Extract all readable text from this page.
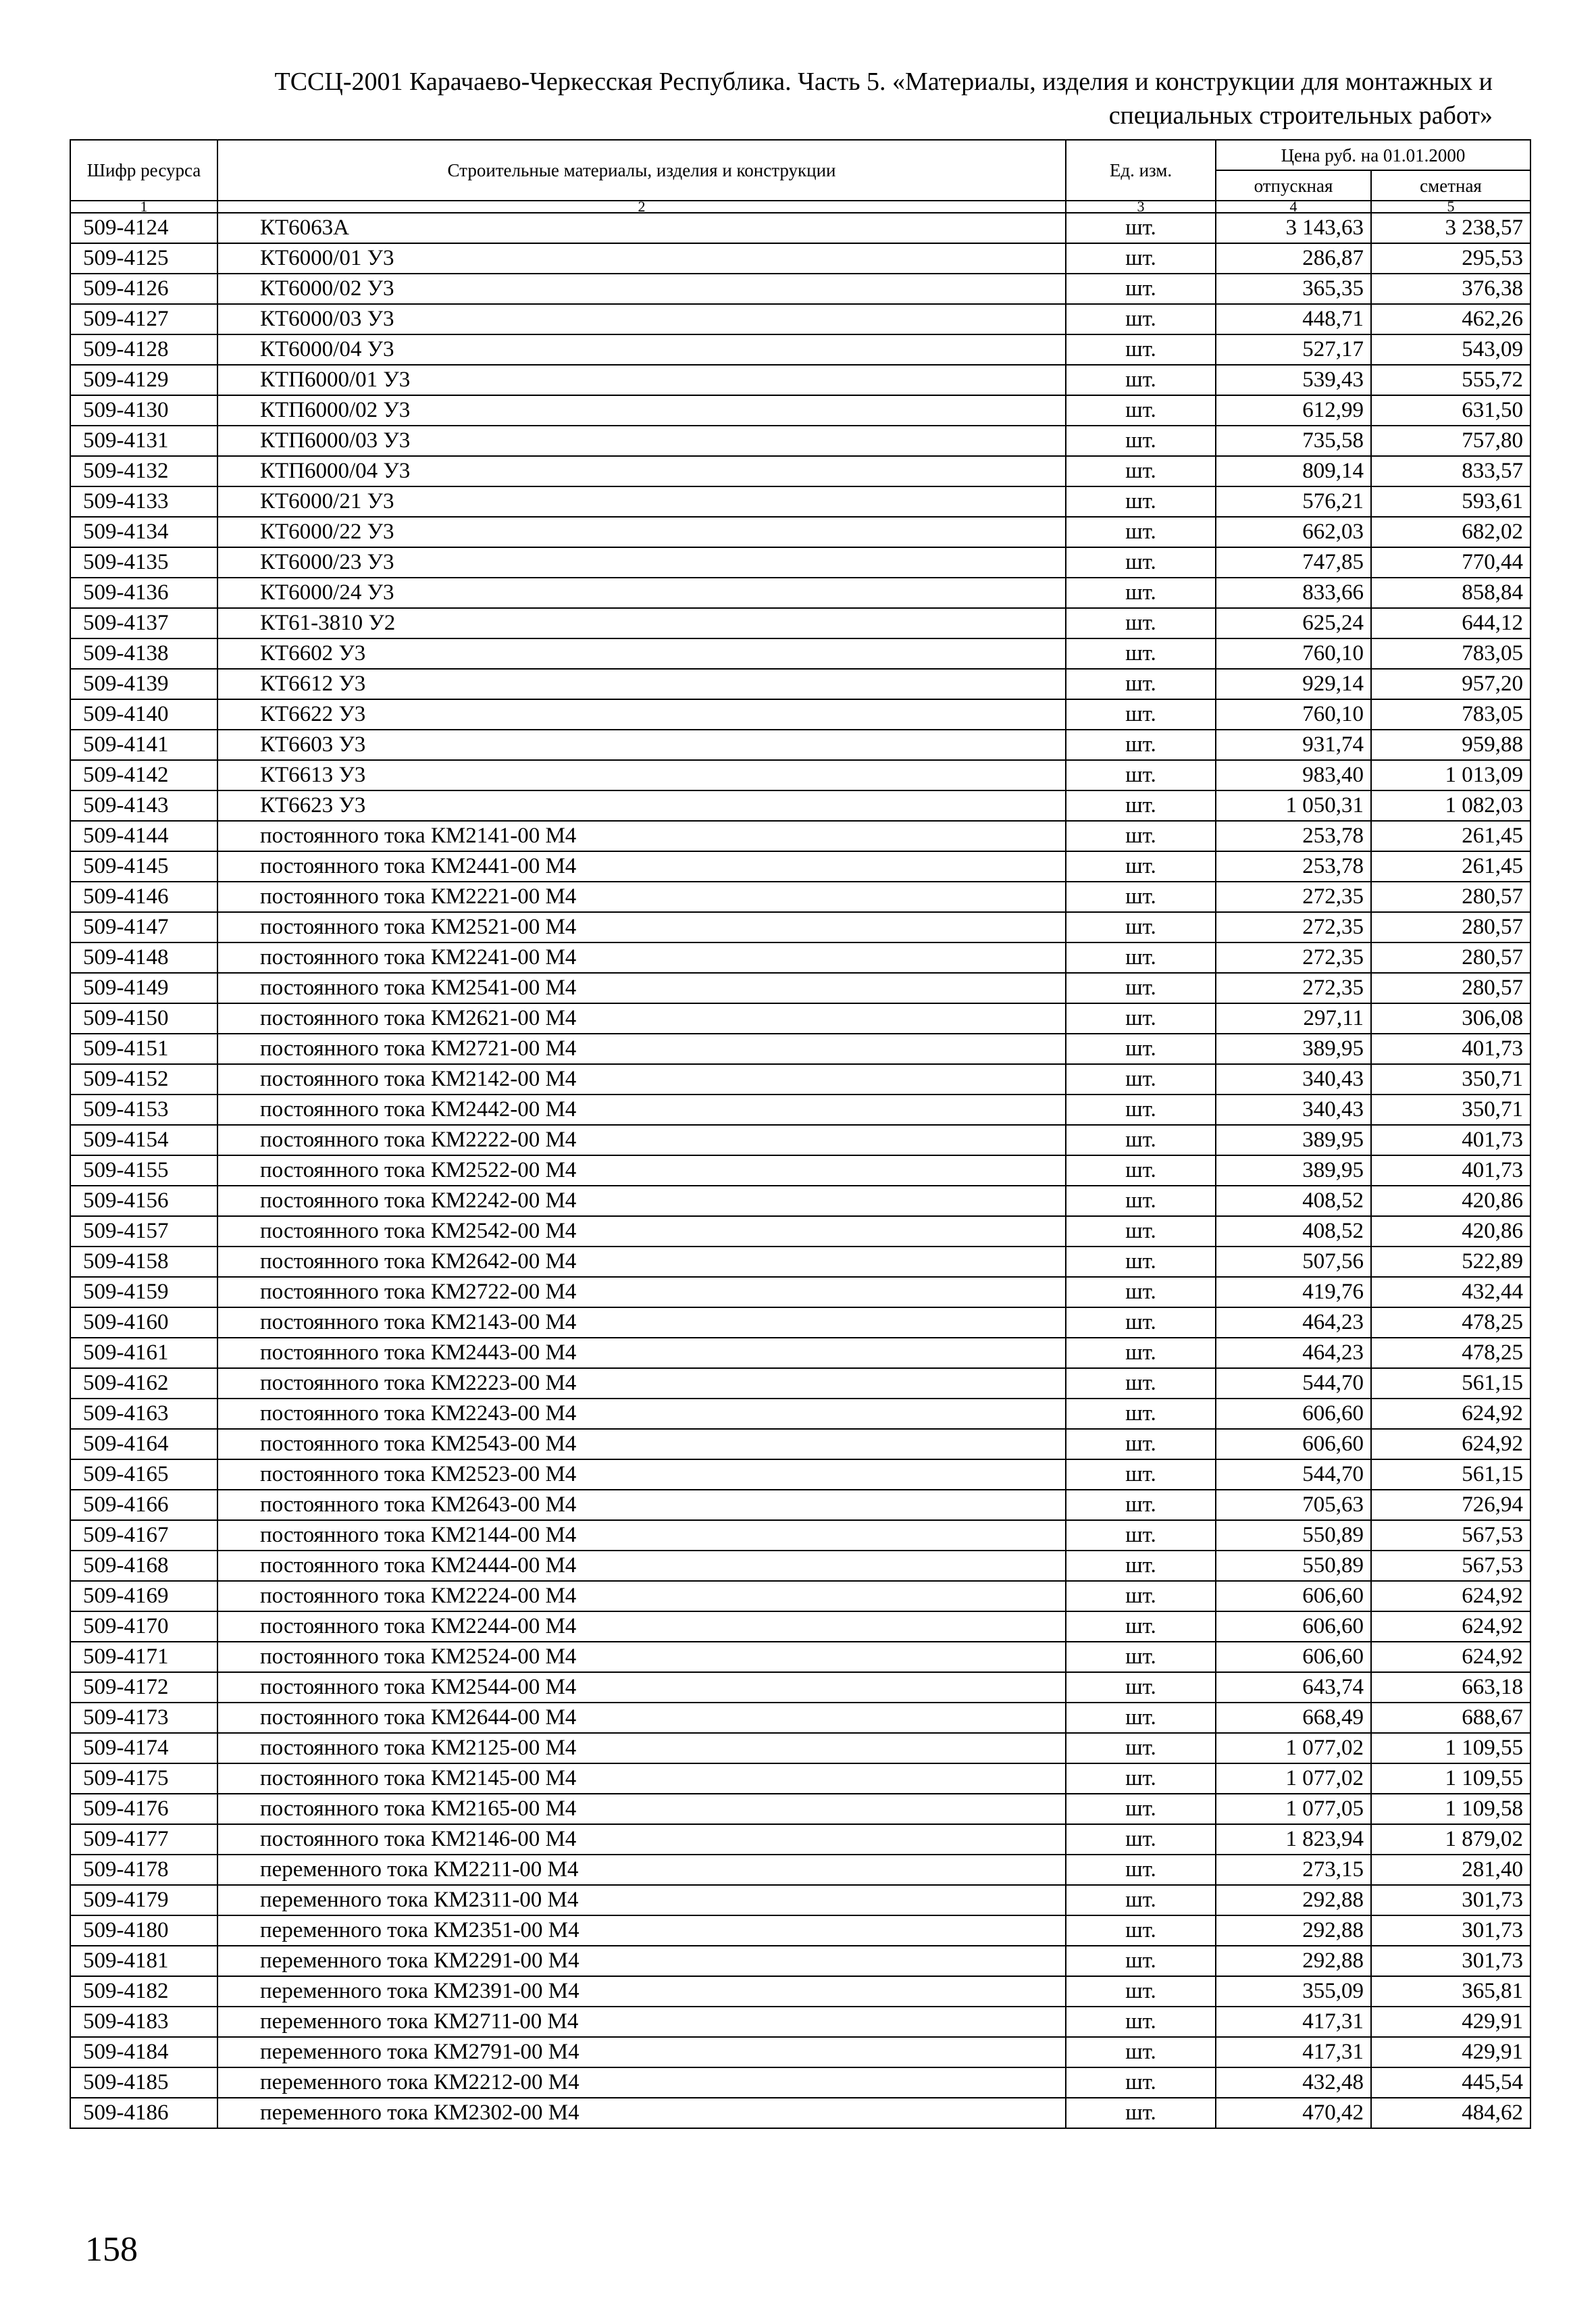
ТССЦ-2001 Карачаево-Черкесская Республика. Часть 5. «Материалы, изделия и конструкции для монтажных и
специальных строительных работ»
Шифр ресурса	Строительные материалы, изделия и конструкции	Ед. изм.	Цена руб. на 01.01.2000	
			отпускная	сметная
1	2	3	4	5
509-4124	КТ6063А	шт.	3 143,63	3 238,57
509-4125	КТ6000/01 У3	шт.	286,87	295,53
509-4126	КТ6000/02 У3	шт.	365,35	376,38
509-4127	КТ6000/03 У3	шт.	448,71	462,26
509-4128	КТ6000/04 У3	шт.	527,17	543,09
509-4129	КТП6000/01 У3	шт.	539,43	555,72
509-4130	КТП6000/02 У3	шт.	612,99	631,50
509-4131	КТП6000/03 У3	шт.	735,58	757,80
509-4132	КТП6000/04 У3	шт.	809,14	833,57
509-4133	КТ6000/21 У3	шт.	576,21	593,61
509-4134	КТ6000/22 У3	шт.	662,03	682,02
509-4135	КТ6000/23 У3	шт.	747,85	770,44
509-4136	КТ6000/24 У3	шт.	833,66	858,84
509-4137	КТ61-3810 У2	шт.	625,24	644,12
509-4138	КТ6602 У3	шт.	760,10	783,05
509-4139	КТ6612 У3	шт.	929,14	957,20
509-4140	КТ6622 У3	шт.	760,10	783,05
509-4141	КТ6603 У3	шт.	931,74	959,88
509-4142	КТ6613 У3	шт.	983,40	1 013,09
509-4143	КТ6623 У3	шт.	1 050,31	1 082,03
509-4144	постоянного тока КМ2141-00 М4	шт.	253,78	261,45
509-4145	постоянного тока КМ2441-00 М4	шт.	253,78	261,45
509-4146	постоянного тока КМ2221-00 М4	шт.	272,35	280,57
509-4147	постоянного тока КМ2521-00 М4	шт.	272,35	280,57
509-4148	постоянного тока КМ2241-00 М4	шт.	272,35	280,57
509-4149	постоянного тока КМ2541-00 М4	шт.	272,35	280,57
509-4150	постоянного тока КМ2621-00 М4	шт.	297,11	306,08
509-4151	постоянного тока КМ2721-00 М4	шт.	389,95	401,73
509-4152	постоянного тока КМ2142-00 М4	шт.	340,43	350,71
509-4153	постоянного тока КМ2442-00 М4	шт.	340,43	350,71
509-4154	постоянного тока КМ2222-00 М4	шт.	389,95	401,73
509-4155	постоянного тока КМ2522-00 М4	шт.	389,95	401,73
509-4156	постоянного тока КМ2242-00 М4	шт.	408,52	420,86
509-4157	постоянного тока КМ2542-00 М4	шт.	408,52	420,86
509-4158	постоянного тока КМ2642-00 М4	шт.	507,56	522,89
509-4159	постоянного тока КМ2722-00 М4	шт.	419,76	432,44
509-4160	постоянного тока КМ2143-00 М4	шт.	464,23	478,25
509-4161	постоянного тока КМ2443-00 М4	шт.	464,23	478,25
509-4162	постоянного тока КМ2223-00 М4	шт.	544,70	561,15
509-4163	постоянного тока КМ2243-00 М4	шт.	606,60	624,92
509-4164	постоянного тока КМ2543-00 М4	шт.	606,60	624,92
509-4165	постоянного тока КМ2523-00 М4	шт.	544,70	561,15
509-4166	постоянного тока КМ2643-00 М4	шт.	705,63	726,94
509-4167	постоянного тока КМ2144-00 М4	шт.	550,89	567,53
509-4168	постоянного тока КМ2444-00 М4	шт.	550,89	567,53
509-4169	постоянного тока КМ2224-00 М4	шт.	606,60	624,92
509-4170	постоянного тока КМ2244-00 М4	шт.	606,60	624,92
509-4171	постоянного тока КМ2524-00 М4	шт.	606,60	624,92
509-4172	постоянного тока КМ2544-00 М4	шт.	643,74	663,18
509-4173	постоянного тока КМ2644-00 М4	шт.	668,49	688,67
509-4174	постоянного тока КМ2125-00 М4	шт.	1 077,02	1 109,55
509-4175	постоянного тока КМ2145-00 М4	шт.	1 077,02	1 109,55
509-4176	постоянного тока КМ2165-00 М4	шт.	1 077,05	1 109,58
509-4177	постоянного тока КМ2146-00 М4	шт.	1 823,94	1 879,02
509-4178	переменного тока КМ2211-00 М4	шт.	273,15	281,40
509-4179	переменного тока КМ2311-00 М4	шт.	292,88	301,73
509-4180	переменного тока КМ2351-00 М4	шт.	292,88	301,73
509-4181	переменного тока КМ2291-00 М4	шт.	292,88	301,73
509-4182	переменного тока КМ2391-00 М4	шт.	355,09	365,81
509-4183	переменного тока КМ2711-00 М4	шт.	417,31	429,91
509-4184	переменного тока КМ2791-00 М4	шт.	417,31	429,91
509-4185	переменного тока КМ2212-00 М4	шт.	432,48	445,54
509-4186	переменного тока КМ2302-00 М4	шт.	470,42	484,62
158
